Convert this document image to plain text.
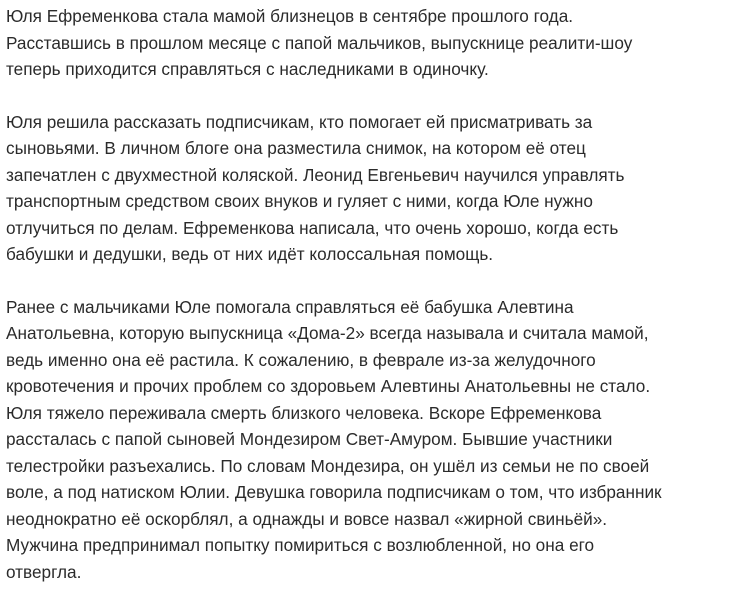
Юля Ефременкова стала мамой близнецов в сентябре прошлого года.
Расставшись в прошлом месяце с папой мальчиков, выпускнице реалити-шоу
теперь приходится справляться с наследниками в одиночку.

Юля решила рассказать подписчикам, кто помогает ей присматривать за
сыновьями. В личном блоге она разместила снимок, на котором её отец
запечатлен с двухместной коляской. Леонид Евгеньевич научился управлять
транспортным средством своих внуков и гуляет с ними, когда Юле нужно
отлучиться по делам. Ефременкова написала, что очень хорошо, когда есть
бабушки и дедушки, ведь от них идёт колоссальная помощь.

Ранее с мальчиками Юле помогала справляться её бабушка Алевтина
Анатольевна, которую выпускница «Дома-2» всегда называла и считала мамой,
ведь именно она её растила. К сожалению, в феврале из-за желудочного
кровотечения и прочих проблем со здоровьем Алевтины Анатольевны не стало.
Юля тяжело переживала смерть близкого человека. Вскоре Ефременкова
рассталась с папой сыновей Мондезиром Свет-Амуром. Бывшие участники
телестройки разъехались. По словам Мондезира, он ушёл из семьи не по своей
воле, а под натиском Юлии. Девушка говорила подписчикам о том, что избранник
неоднократно её оскорблял, а однажды и вовсе назвал «жирной свиньёй».
Мужчина предпринимал попытку помириться с возлюбленной, но она его
отвергла.
